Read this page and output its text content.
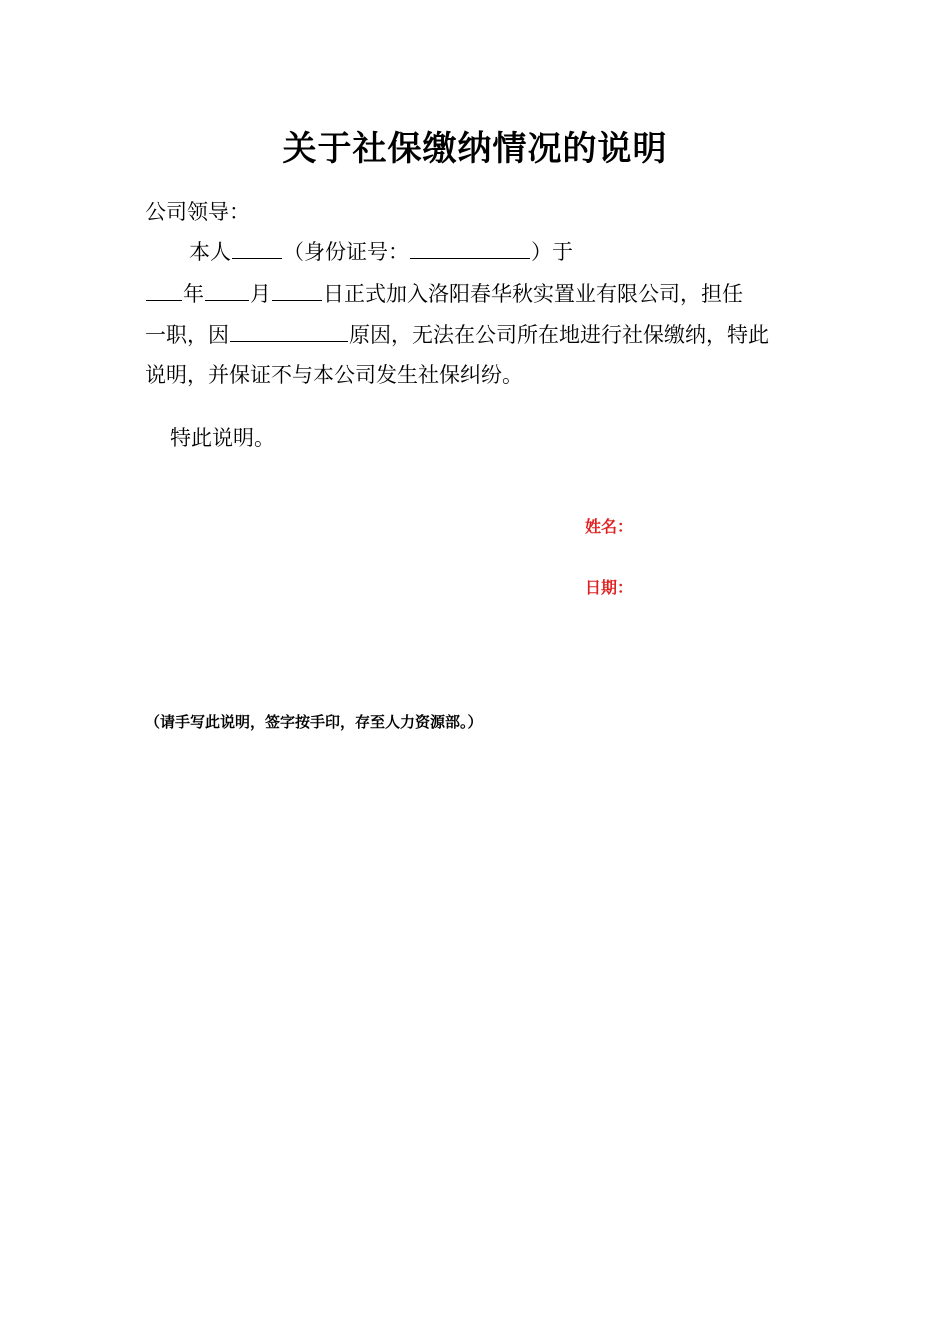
关于社保缴纳情况的说明
公司领导：
本人 （身份证号：	）于
年 月 日正式加入洛阳春华秋实置业有限公司，担任
一职，因	原因，无法在公司所在地进行社保缴纳，特此
说明，并保证不与本公司发生社保纠纷。
特此说明。
姓名：
日期：
（请手写此说明，签字按手印，存至人力资源部。）
